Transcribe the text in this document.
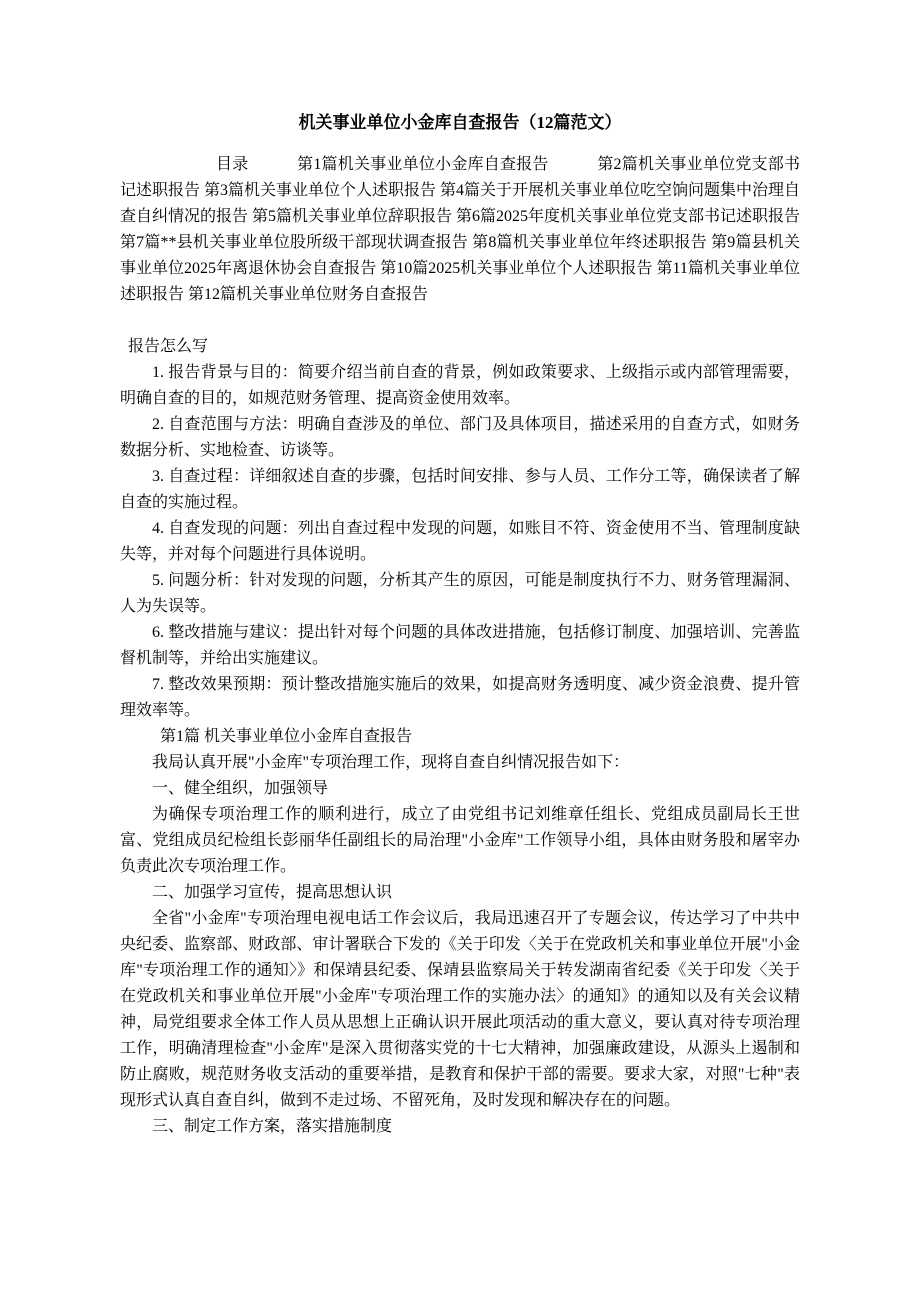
机关事业单位小金库自查报告（12篇范文）

目录　　　第1篇机关事业单位小金库自查报告　　　第2篇机关事业单位党支部书记述职报告 第3篇机关事业单位个人述职报告 第4篇关于开展机关事业单位吃空饷问题集中治理自查自纠情况的报告 第5篇机关事业单位辞职报告 第6篇2025年度机关事业单位党支部书记述职报告 第7篇**县机关事业单位股所级干部现状调查报告 第8篇机关事业单位年终述职报告 第9篇县机关事业单位2025年离退休协会自查报告 第10篇2025机关事业单位个人述职报告 第11篇机关事业单位述职报告 第12篇机关事业单位财务自查报告

报告怎么写

1. 报告背景与目的：简要介绍当前自查的背景，例如政策要求、上级指示或内部管理需要，明确自查的目的，如规范财务管理、提高资金使用效率。

2. 自查范围与方法：明确自查涉及的单位、部门及具体项目，描述采用的自查方式，如财务数据分析、实地检查、访谈等。

3. 自查过程：详细叙述自查的步骤，包括时间安排、参与人员、工作分工等，确保读者了解自查的实施过程。

4. 自查发现的问题：列出自查过程中发现的问题，如账目不符、资金使用不当、管理制度缺失等，并对每个问题进行具体说明。

5. 问题分析：针对发现的问题，分析其产生的原因，可能是制度执行不力、财务管理漏洞、人为失误等。

6. 整改措施与建议：提出针对每个问题的具体改进措施，包括修订制度、加强培训、完善监督机制等，并给出实施建议。

7. 整改效果预期：预计整改措施实施后的效果，如提高财务透明度、减少资金浪费、提升管理效率等。

第1篇 机关事业单位小金库自查报告

我局认真开展"小金库"专项治理工作，现将自查自纠情况报告如下：

一、健全组织，加强领导

为确保专项治理工作的顺利进行，成立了由党组书记刘维章任组长、党组成员副局长王世富、党组成员纪检组长彭丽华任副组长的局治理"小金库"工作领导小组，具体由财务股和屠宰办负责此次专项治理工作。

二、加强学习宣传，提高思想认识

全省"小金库"专项治理电视电话工作会议后，我局迅速召开了专题会议，传达学习了中共中央纪委、监察部、财政部、审计署联合下发的《关于印发〈关于在党政机关和事业单位开展"小金库"专项治理工作的通知〉》和保靖县纪委、保靖县监察局关于转发湖南省纪委《关于印发〈关于在党政机关和事业单位开展"小金库"专项治理工作的实施办法〉的通知》的通知以及有关会议精神，局党组要求全体工作人员从思想上正确认识开展此项活动的重大意义，要认真对待专项治理工作，明确清理检查"小金库"是深入贯彻落实党的十七大精神，加强廉政建设，从源头上遏制和防止腐败，规范财务收支活动的重要举措，是教育和保护干部的需要。要求大家，对照"七种"表现形式认真自查自纠，做到不走过场、不留死角，及时发现和解决存在的问题。

三、制定工作方案，落实措施制度
